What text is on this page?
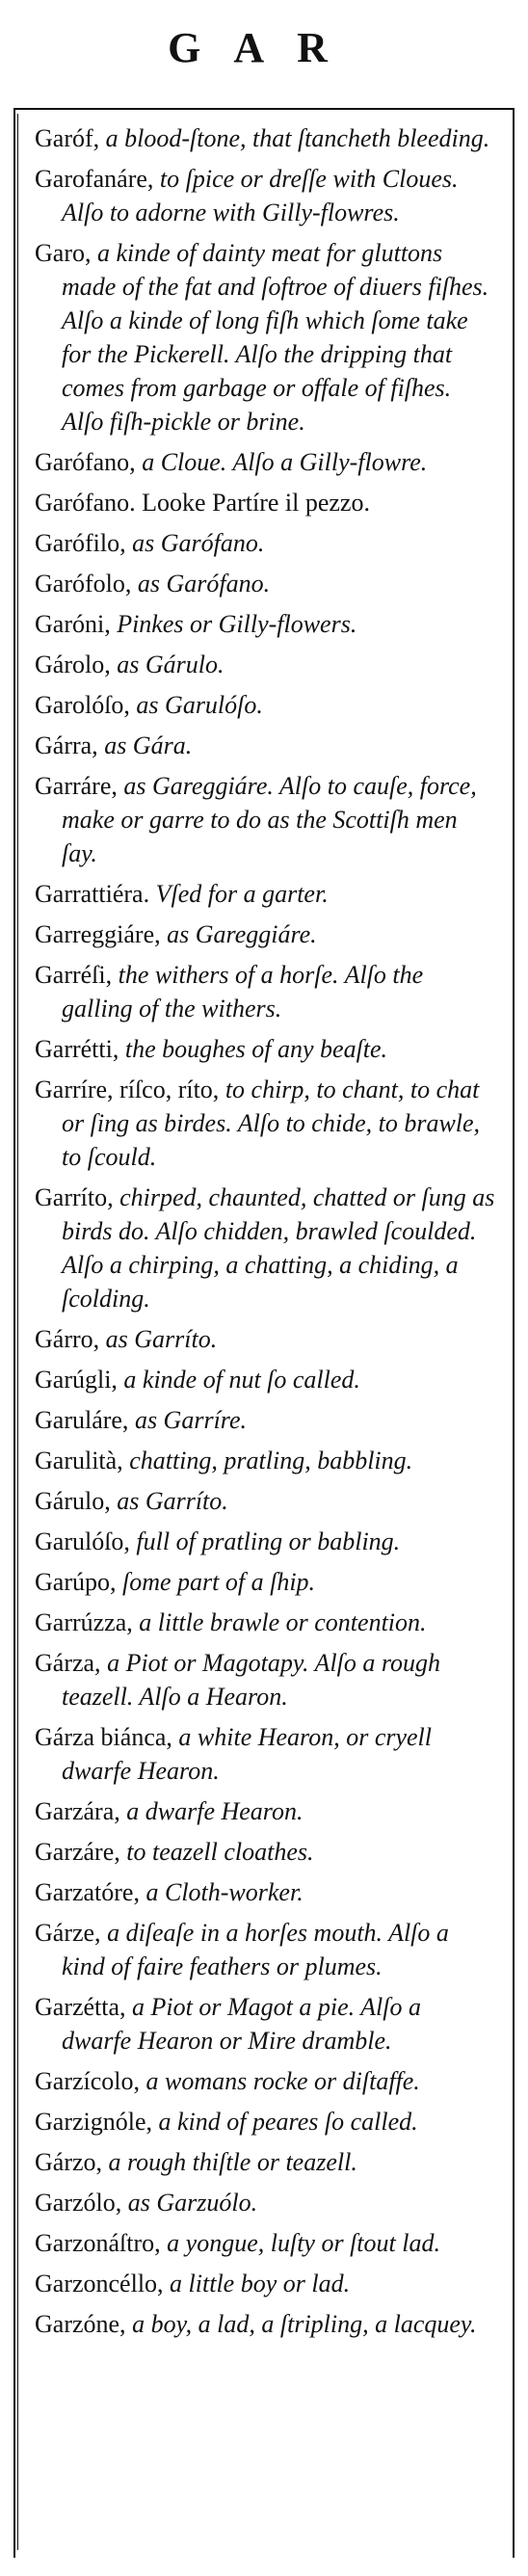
GAR

Garóf, a blood-ſtone, that ſtancheth bleeding.

Garofanáre, to ſpice or dreſſe with Cloues. Alſo to adorne with Gilly-flowres.

Garo, a kinde of dainty meat for gluttons made of the fat and ſoftroe of diuers fiſhes. Alſo a kinde of long fiſh which ſome take for the Pickerell. Alſo the dripping that comes from garbage or offale of fiſhes. Alſo fiſh-pickle or brine.

Garófano, a Cloue. Alſo a Gilly-flowre.

Garófano. Looke Partíre il pezzo.

Garófilo, as Garófano.

Garófolo, as Garófano.

Garóni, Pinkes or Gilly-flowers.

Gárolo, as Gárulo.

Garolóſo, as Garulóſo.

Gárra, as Gára.

Garráre, as Gareggiáre. Alſo to cauſe, force, make or garre to do as the Scottiſh men ſay.

Garrattiéra. Vſed for a garter.

Garreggiáre, as Gareggiáre.

Garréſi, the withers of a horſe. Alſo the galling of the withers.

Garrétti, the boughes of any beaſte.

Garríre, ríſco, ríto, to chirp, to chant, to chat or ſing as birdes. Alſo to chide, to brawle, to ſcould.

Garríto, chirped, chaunted, chatted or ſung as birds do. Alſo chidden, brawled ſcoulded. Alſo a chirping, a chatting, a chiding, a ſcolding.

Gárro, as Garríto.

Garúgli, a kinde of nut ſo called.

Garuláre, as Garríre.

Garulità, chatting, pratling, babbling.

Gárulo, as Garríto.

Garulóſo, full of pratling or babling.

Garúpo, ſome part of a ſhip.

Garrúzza, a little brawle or contention.

Gárza, a Piot or Magotapy. Alſo a rough teazell. Alſo a Hearon.

Gárza biánca, a white Hearon, or cryell dwarfe Hearon.

Garzára, a dwarfe Hearon.

Garzáre, to teazell cloathes.

Garzatóre, a Cloth-worker.

Gárze, a diſeaſe in a horſes mouth. Alſo a kind of faire feathers or plumes.

Garzétta, a Piot or Magot a pie. Alſo a dwarfe Hearon or Mire dramble.

Garzícolo, a womans rocke or diſtaffe.

Garzignóle, a kind of peares ſo called.

Gárzo, a rough thiſtle or teazell.

Garzólo, as Garzuólo.

Garzonáſtro, a yongue, luſty or ſtout lad.

Garzoncéllo, a little boy or lad.

Garzóne, a boy, a lad, a ſtripling, a lacquey.
